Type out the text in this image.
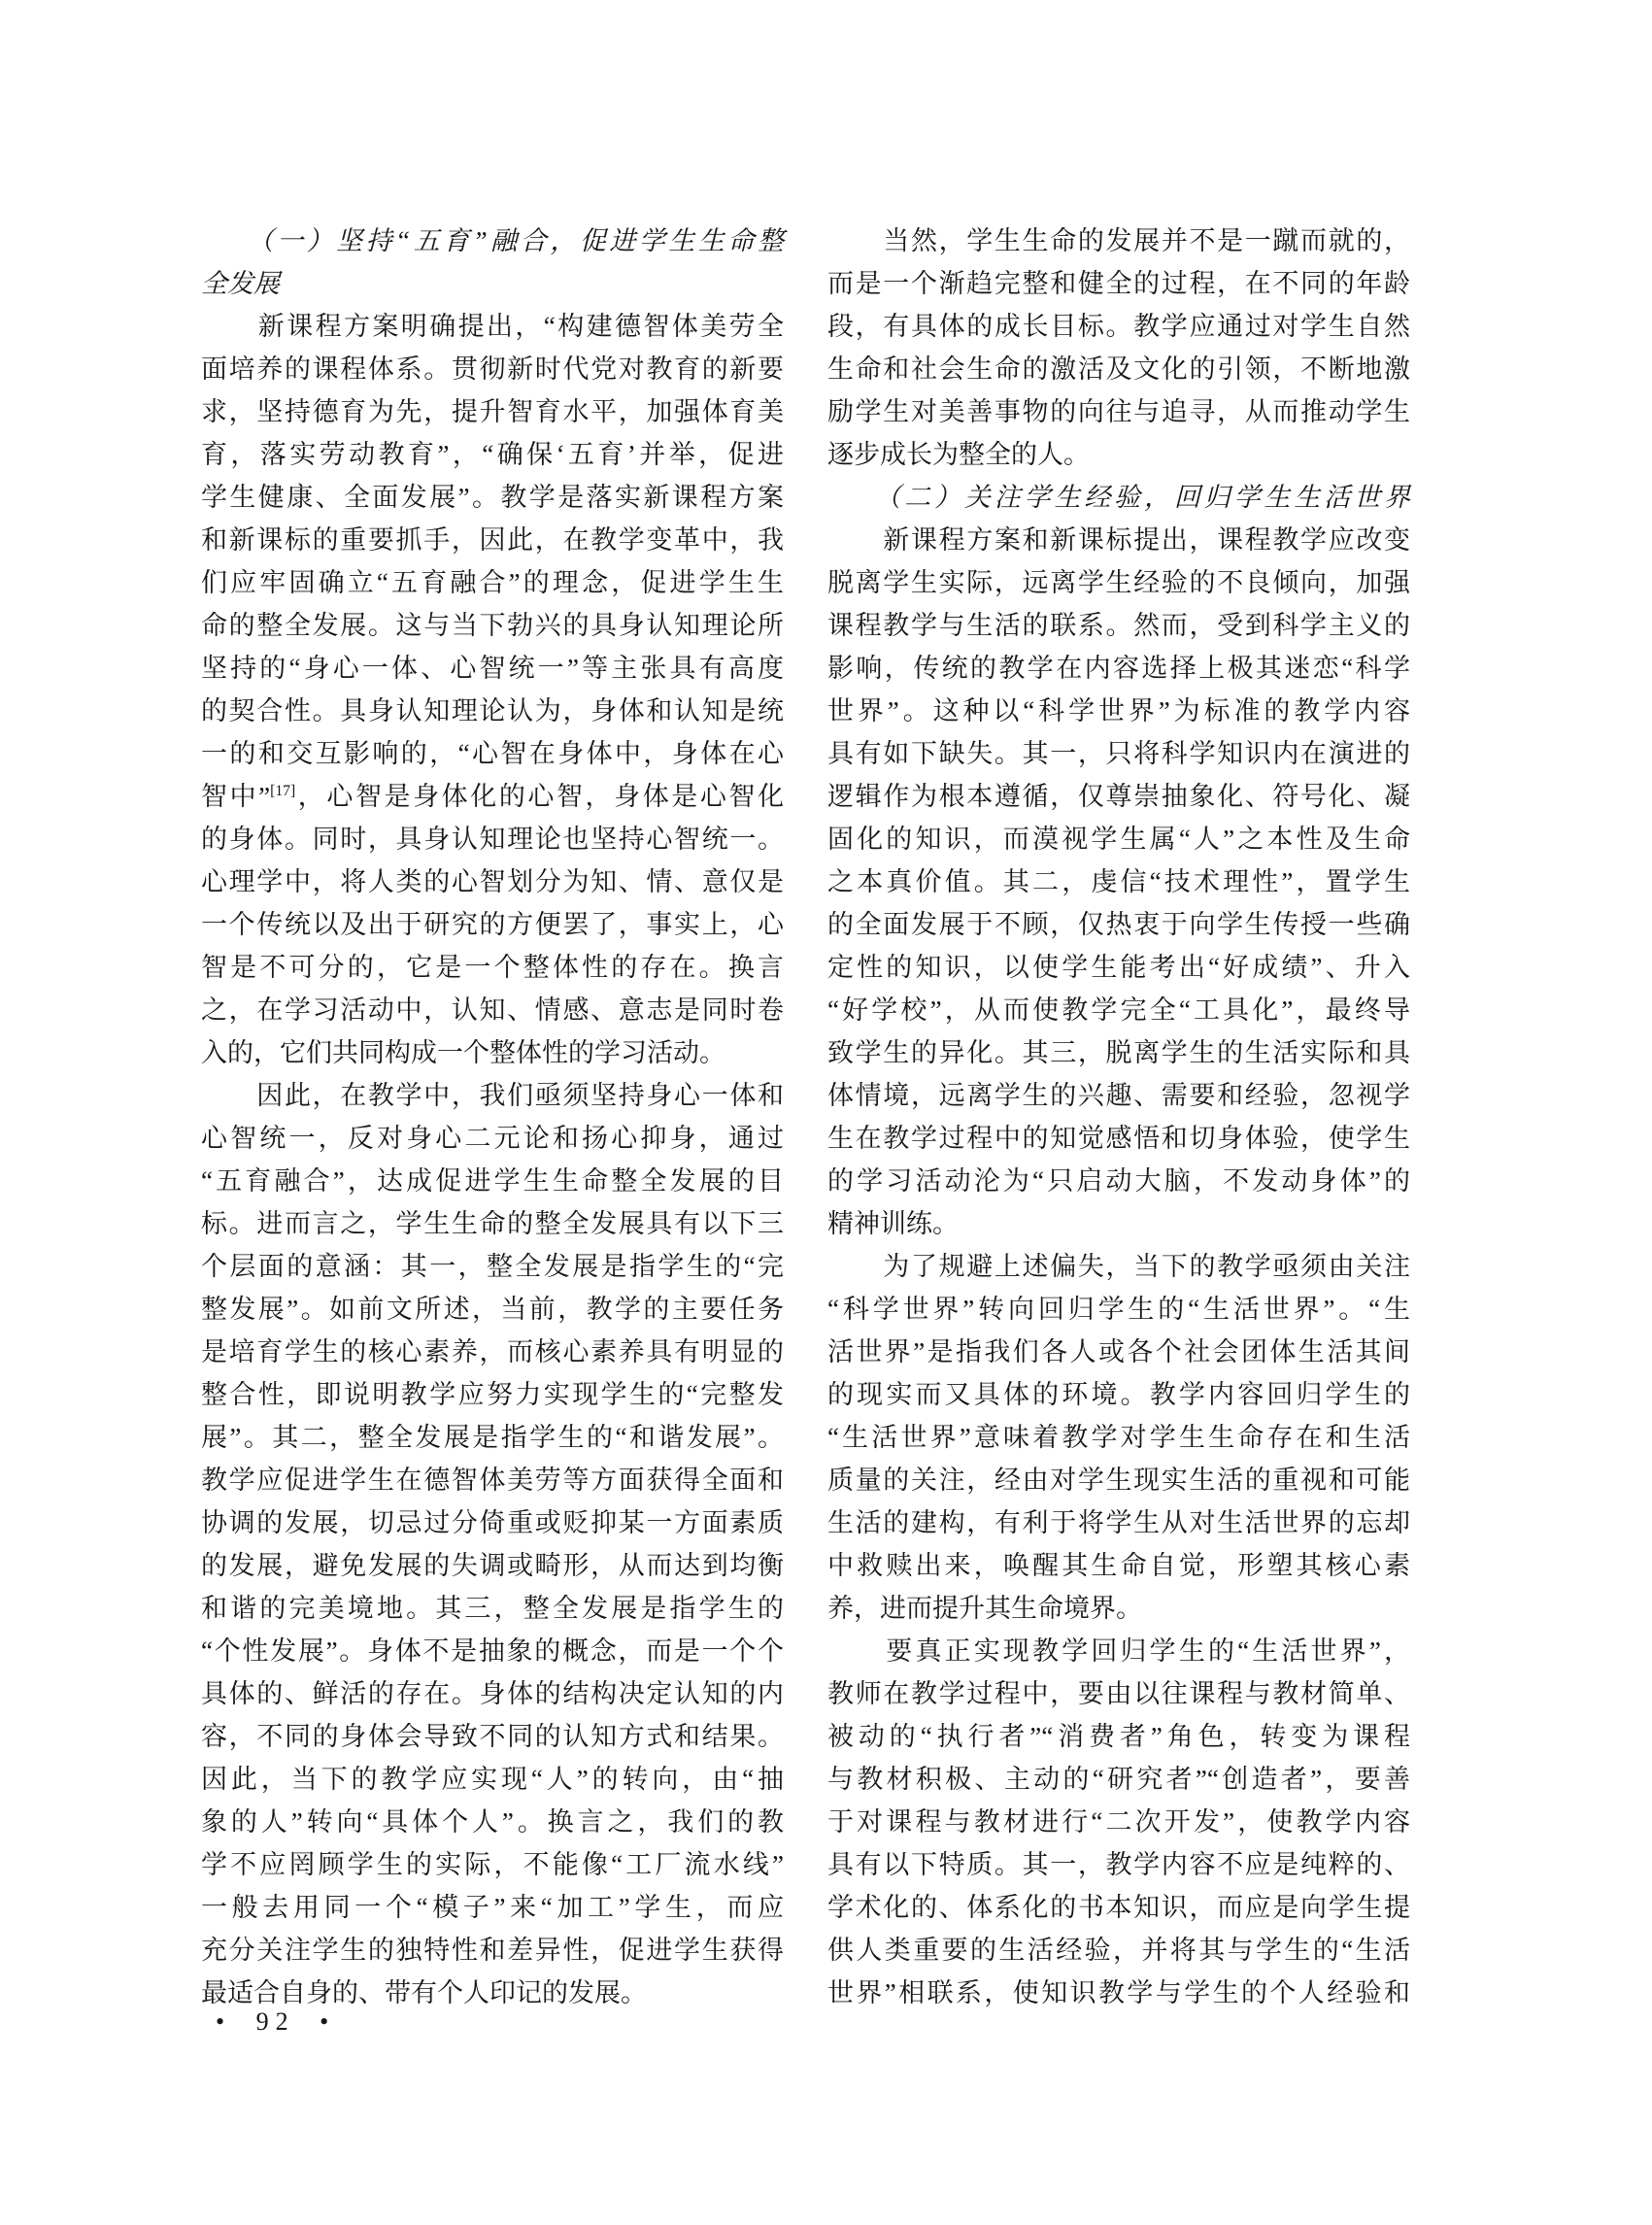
　　（一）坚持“五育”融合，促进学生生命整
全发展
　　新课程方案明确提出，“构建德智体美劳全
面培养的课程体系。贯彻新时代党对教育的新要
求，坚持德育为先，提升智育水平，加强体育美
育，落实劳动教育”，“确保‘五育’并举，促进
学生健康、全面发展”。教学是落实新课程方案
和新课标的重要抓手，因此，在教学变革中，我
们应牢固确立“五育融合”的理念，促进学生生
命的整全发展。这与当下勃兴的具身认知理论所
坚持的“身心一体、心智统一”等主张具有高度
的契合性。具身认知理论认为，身体和认知是统
一的和交互影响的，“心智在身体中，身体在心
智中”[17]，心智是身体化的心智，身体是心智化
的身体。同时，具身认知理论也坚持心智统一。
心理学中，将人类的心智划分为知、情、意仅是
一个传统以及出于研究的方便罢了，事实上，心
智是不可分的，它是一个整体性的存在。换言
之，在学习活动中，认知、情感、意志是同时卷
入的，它们共同构成一个整体性的学习活动。
　　因此，在教学中，我们亟须坚持身心一体和
心智统一，反对身心二元论和扬心抑身，通过
“五育融合”，达成促进学生生命整全发展的目
标。进而言之，学生生命的整全发展具有以下三
个层面的意涵：其一，整全发展是指学生的“完
整发展”。如前文所述，当前，教学的主要任务
是培育学生的核心素养，而核心素养具有明显的
整合性，即说明教学应努力实现学生的“完整发
展”。其二，整全发展是指学生的“和谐发展”。
教学应促进学生在德智体美劳等方面获得全面和
协调的发展，切忌过分倚重或贬抑某一方面素质
的发展，避免发展的失调或畸形，从而达到均衡
和谐的完美境地。其三，整全发展是指学生的
“个性发展”。身体不是抽象的概念，而是一个个
具体的、鲜活的存在。身体的结构决定认知的内
容，不同的身体会导致不同的认知方式和结果。
因此，当下的教学应实现“人”的转向，由“抽
象的人”转向“具体个人”。换言之，我们的教
学不应罔顾学生的实际，不能像“工厂流水线”
一般去用同一个“模子”来“加工”学生，而应
充分关注学生的独特性和差异性，促进学生获得
最适合自身的、带有个人印记的发展。
　　当然，学生生命的发展并不是一蹴而就的，
而是一个渐趋完整和健全的过程，在不同的年龄
段，有具体的成长目标。教学应通过对学生自然
生命和社会生命的激活及文化的引领，不断地激
励学生对美善事物的向往与追寻，从而推动学生
逐步成长为整全的人。
　　（二）关注学生经验，回归学生生活世界
　　新课程方案和新课标提出，课程教学应改变
脱离学生实际，远离学生经验的不良倾向，加强
课程教学与生活的联系。然而，受到科学主义的
影响，传统的教学在内容选择上极其迷恋“科学
世界”。这种以“科学世界”为标准的教学内容
具有如下缺失。其一，只将科学知识内在演进的
逻辑作为根本遵循，仅尊崇抽象化、符号化、凝
固化的知识，而漠视学生属“人”之本性及生命
之本真价值。其二，虔信“技术理性”，置学生
的全面发展于不顾，仅热衷于向学生传授一些确
定性的知识，以使学生能考出“好成绩”、升入
“好学校”，从而使教学完全“工具化”，最终导
致学生的异化。其三，脱离学生的生活实际和具
体情境，远离学生的兴趣、需要和经验，忽视学
生在教学过程中的知觉感悟和切身体验，使学生
的学习活动沦为“只启动大脑，不发动身体”的
精神训练。
　　为了规避上述偏失，当下的教学亟须由关注
“科学世界”转向回归学生的“生活世界”。“生
活世界”是指我们各人或各个社会团体生活其间
的现实而又具体的环境。教学内容回归学生的
“生活世界”意味着教学对学生生命存在和生活
质量的关注，经由对学生现实生活的重视和可能
生活的建构，有利于将学生从对生活世界的忘却
中救赎出来，唤醒其生命自觉，形塑其核心素
养，进而提升其生命境界。
　　要真正实现教学回归学生的“生活世界”，
教师在教学过程中，要由以往课程与教材简单、
被动的“执行者”“消费者”角色，转变为课程
与教材积极、主动的“研究者”“创造者”，要善
于对课程与教材进行“二次开发”，使教学内容
具有以下特质。其一，教学内容不应是纯粹的、
学术化的、体系化的书本知识，而应是向学生提
供人类重要的生活经验，并将其与学生的“生活
世界”相联系，使知识教学与学生的个人经验和
• 92 •
